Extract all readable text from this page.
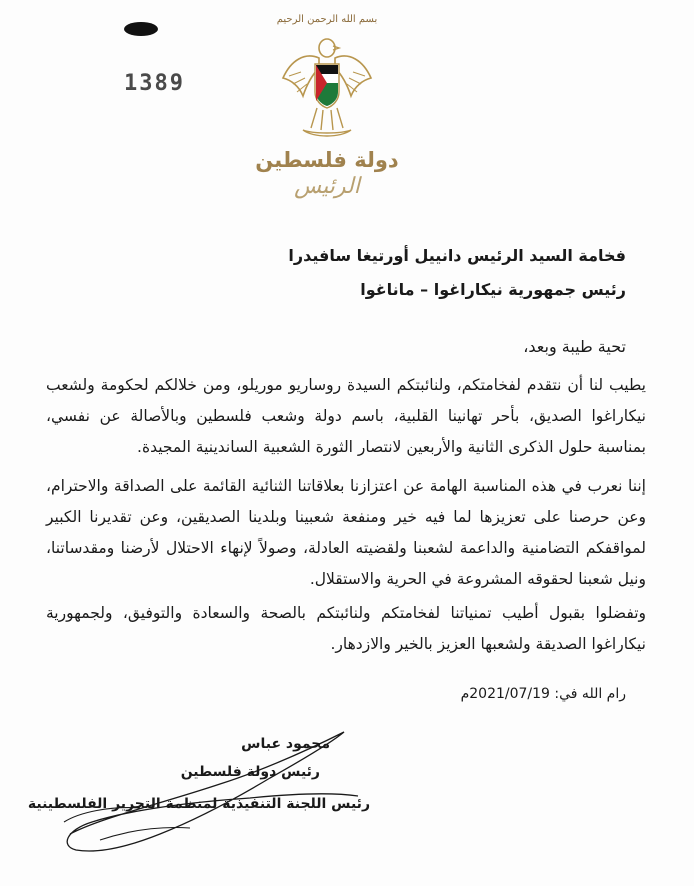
1389
بسم الله الرحمن الرحيم
دولة فلسطين
الرئيس
فخامة السيد الرئيس دانييل أورتيغا سافيدرا
رئيس جمهورية نيكاراغوا – ماناغوا
تحية طيبة وبعد،
يطيب لنا أن نتقدم لفخامتكم، ولنائبتكم السيدة روساريو موريلو، ومن خلالكم لحكومة ولشعب نيكاراغوا الصديق، بأحر تهانينا القلبية، باسم دولة وشعب فلسطين وبالأصالة عن نفسي، بمناسبة حلول الذكرى الثانية والأربعين لانتصار الثورة الشعبية الساندينية المجيدة.
إننا نعرب في هذه المناسبة الهامة عن اعتزازنا بعلاقاتنا الثنائية القائمة على الصداقة والاحترام، وعن حرصنا على تعزيزها لما فيه خير ومنفعة شعبينا وبلدينا الصديقين، وعن تقديرنا الكبير لمواقفكم التضامنية والداعمة لشعبنا ولقضيته العادلة، وصولاً لإنهاء الاحتلال لأرضنا ومقدساتنا، ونيل شعبنا لحقوقه المشروعة في الحرية والاستقلال.
وتفضلوا بقبول أطيب تمنياتنا لفخامتكم ولنائبتكم بالصحة والسعادة والتوفيق، ولجمهورية نيكاراغوا الصديقة ولشعبها العزيز بالخير والازدهار.
رام الله في: 2021/07/19م
محمود عباس
رئيس دولة فلسطين
رئيس اللجنة التنفيذية لمنظمة التحرير الفلسطينية
